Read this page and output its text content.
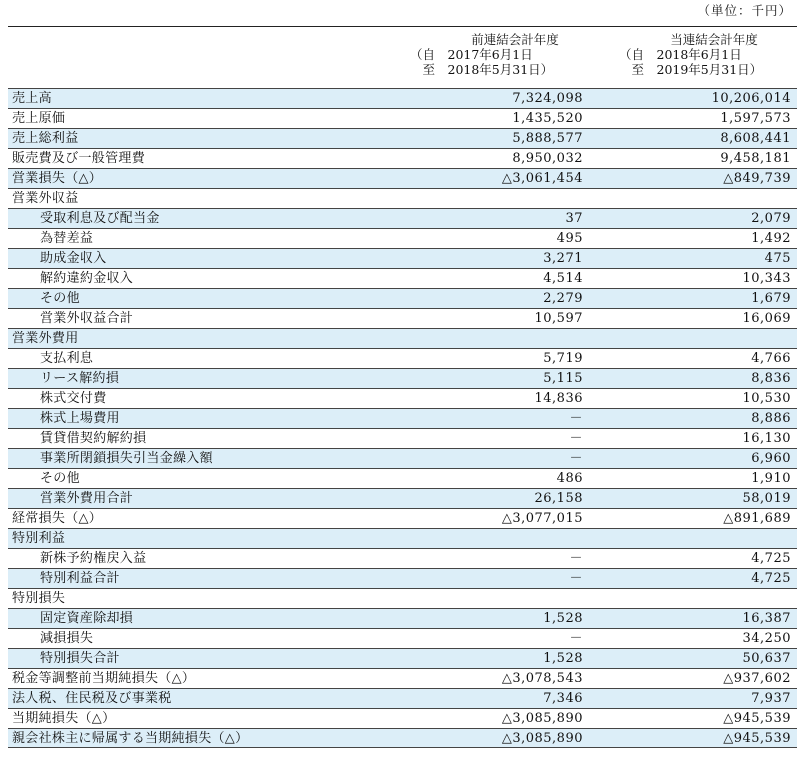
（単位：千円）
前連結会計年度
（自　2017年6月1日
　至　2018年5月31日）
当連結会計年度
（自　2018年6月1日
　至　2019年5月31日）
売上高	7,324,098	10,206,014
売上原価	1,435,520	1,597,573
売上総利益	5,888,577	8,608,441
販売費及び一般管理費	8,950,032	9,458,181
営業損失（△）	△3,061,454	△849,739
営業外収益
受取利息及び配当金	37	2,079
為替差益	495	1,492
助成金収入	3,271	475
解約違約金収入	4,514	10,343
その他	2,279	1,679
営業外収益合計	10,597	16,069
営業外費用
支払利息	5,719	4,766
リース解約損	5,115	8,836
株式交付費	14,836	10,530
株式上場費用	－	8,886
賃貸借契約解約損	－	16,130
事業所閉鎖損失引当金繰入額	－	6,960
その他	486	1,910
営業外費用合計	26,158	58,019
経常損失（△）	△3,077,015	△891,689
特別利益
新株予約権戻入益	－	4,725
特別利益合計	－	4,725
特別損失
固定資産除却損	1,528	16,387
減損損失	－	34,250
特別損失合計	1,528	50,637
税金等調整前当期純損失（△）	△3,078,543	△937,602
法人税、住民税及び事業税	7,346	7,937
当期純損失（△）	△3,085,890	△945,539
親会社株主に帰属する当期純損失（△）	△3,085,890	△945,539
